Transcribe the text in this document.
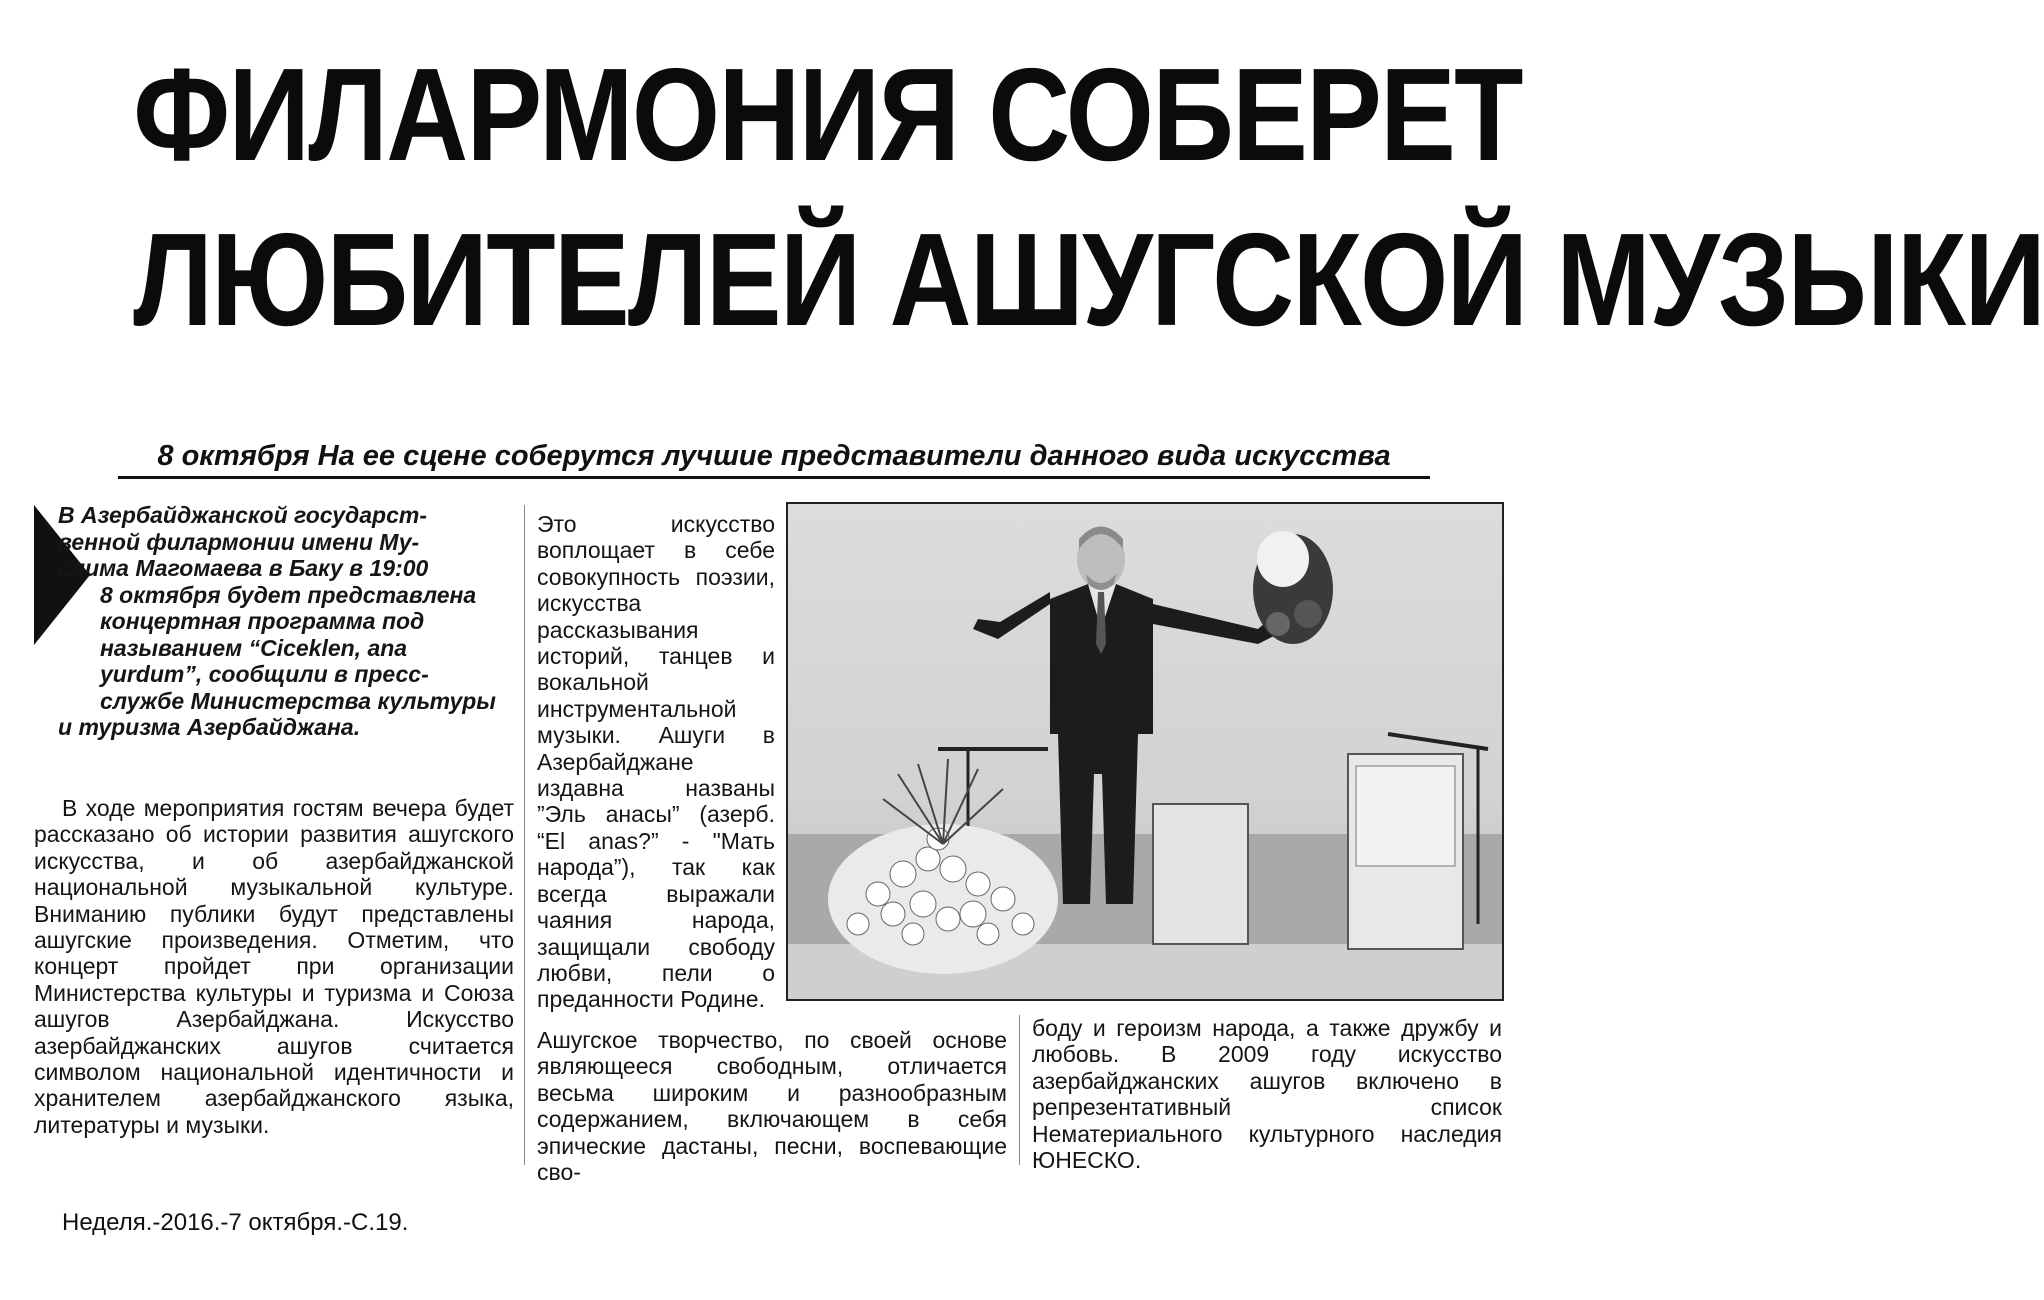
ФИЛАРМОНИЯ СОБЕРЕТ
ЛЮБИТЕЛЕЙ АШУГСКОЙ МУЗЫКИ
8 октября На ее сцене соберутся лучшие представители данного вида искусства
В Азербайджанской государст-
венной филармонии имени Му-
слима Магомаева в Баку в 19:00
8 октября будет представлена
концертная программа под
называнием “Ciceklen, ana
yurdum”, сообщили в пресс-
службе Министерства культуры
и туризма Азербайджана.
В ходе мероприятия гостям вечера будет рассказано об истории развития ашугского искусства, и об азербайджанской национальной музыкальной культуре. Вниманию публики будут представлены ашугские произведения. Отметим, что концерт пройдет при организации Министерства культуры и туризма и Союза ашугов Азербайджана. Искусство азербайджанских ашугов считается символом национальной идентичности и хранителем азербайджанского языка, литературы и музыки.
Это искусство воплощает в себе совокупность поэзии, искусства рассказывания историй, танцев и вокальной инструментальной музыки. Ашуги в Азербайджане издавна названы ”Эль анасы” (азерб. “El anas?” - "Мать народа”), так как всегда выражали чаяния народа, защищали свободу любви, пели о преданности Родине.
Ашугское творчество, по своей основе являющееся свободным, отличается весьма широким и разнообразным содержанием, включающем в себя эпические дастаны, песни, воспевающие сво-
боду и героизм народа, а также дружбу и любовь. В 2009 году искусство азербайджанских ашугов включено в репрезентативный список Нематериального культурного наследия ЮНЕСКО.
Неделя.-2016.-7 октября.-С.19.
